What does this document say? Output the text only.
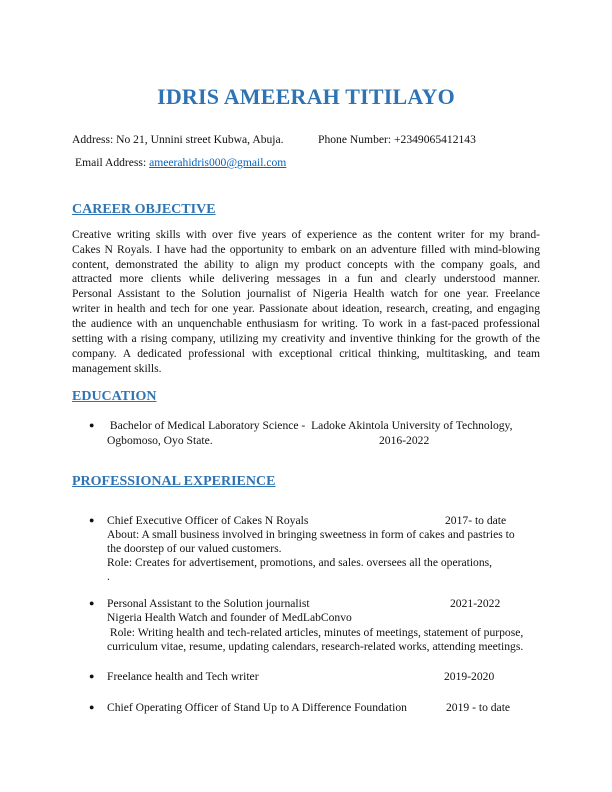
IDRIS AMEERAH TITILAYO
Address: No 21, Unnini street Kubwa, Abuja.	Phone Number: +2349065412143
Email Address: ameerahidris000@gmail.com
CAREER OBJECTIVE
Creative writing skills with over five years of experience as the content writer for my brand-
Cakes N Royals. I have had the opportunity to embark on an adventure filled with mind-blowing
content, demonstrated the ability to align my product concepts with the company goals, and
attracted more clients while delivering messages in a fun and clearly understood manner.
Personal Assistant to the Solution journalist of Nigeria Health watch for one year. Freelance
writer in health and tech for one year. Passionate about ideation, research, creating, and engaging
the audience with an unquenchable enthusiasm for writing. To work in a fast-paced professional
setting with a rising company, utilizing my creativity and inventive thinking for the growth of the
company. A dedicated professional with exceptional critical thinking, multitasking, and team
management skills.
EDUCATION
● Bachelor of Medical Laboratory Science -  Ladoke Akintola University of Technology,
Ogbomoso, Oyo State.	2016-2022
PROFESSIONAL EXPERIENCE
● Chief Executive Officer of Cakes N Royals	2017- to date
About: A small business involved in bringing sweetness in form of cakes and pastries to
the doorstep of our valued customers.
Role: Creates for advertisement, promotions, and sales. oversees all the operations,
.
● Personal Assistant to the Solution journalist	2021-2022
Nigeria Health Watch and founder of MedLabConvo
Role: Writing health and tech-related articles, minutes of meetings, statement of purpose,
curriculum vitae, resume, updating calendars, research-related works, attending meetings.
● Freelance health and Tech writer	2019-2020
● Chief Operating Officer of Stand Up to A Difference Foundation	2019 - to date
